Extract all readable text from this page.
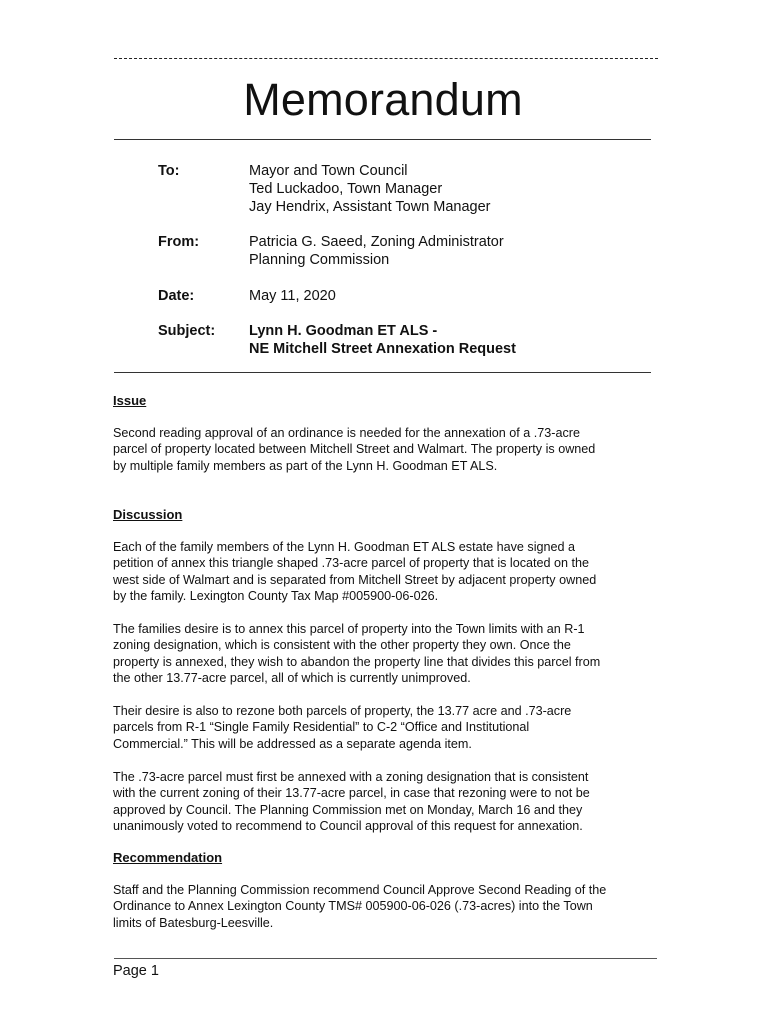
Memorandum
To:	Mayor and Town Council
Ted Luckadoo, Town Manager
Jay Hendrix, Assistant Town Manager
From:	Patricia G. Saeed, Zoning Administrator
Planning Commission
Date:	May 11, 2020
Subject: Lynn H. Goodman ET ALS -
NE Mitchell Street Annexation Request
Issue
Second reading approval of an ordinance is needed for the annexation of a .73-acre
parcel of property located between Mitchell Street and Walmart. The property is owned
by multiple family members as part of the Lynn H. Goodman ET ALS.
Discussion
Each of the family members of the Lynn H. Goodman ET ALS estate have signed a
petition of annex this triangle shaped .73-acre parcel of property that is located on the
west side of Walmart and is separated from Mitchell Street by adjacent property owned
by the family. Lexington County Tax Map #005900-06-026.
The families desire is to annex this parcel of property into the Town limits with an R-1
zoning designation, which is consistent with the other property they own. Once the
property is annexed, they wish to abandon the property line that divides this parcel from
the other 13.77-acre parcel, all of which is currently unimproved.
Their desire is also to rezone both parcels of property, the 13.77 acre and .73-acre
parcels from R-1 “Single Family Residential” to C-2 “Office and Institutional
Commercial.” This will be addressed as a separate agenda item.
The .73-acre parcel must first be annexed with a zoning designation that is consistent
with the current zoning of their 13.77-acre parcel, in case that rezoning were to not be
approved by Council. The Planning Commission met on Monday, March 16 and they
unanimously voted to recommend to Council approval of this request for annexation.
Recommendation
Staff and the Planning Commission recommend Council Approve Second Reading of the
Ordinance to Annex Lexington County TMS# 005900-06-026 (.73-acres) into the Town
limits of Batesburg-Leesville.
Page 1
